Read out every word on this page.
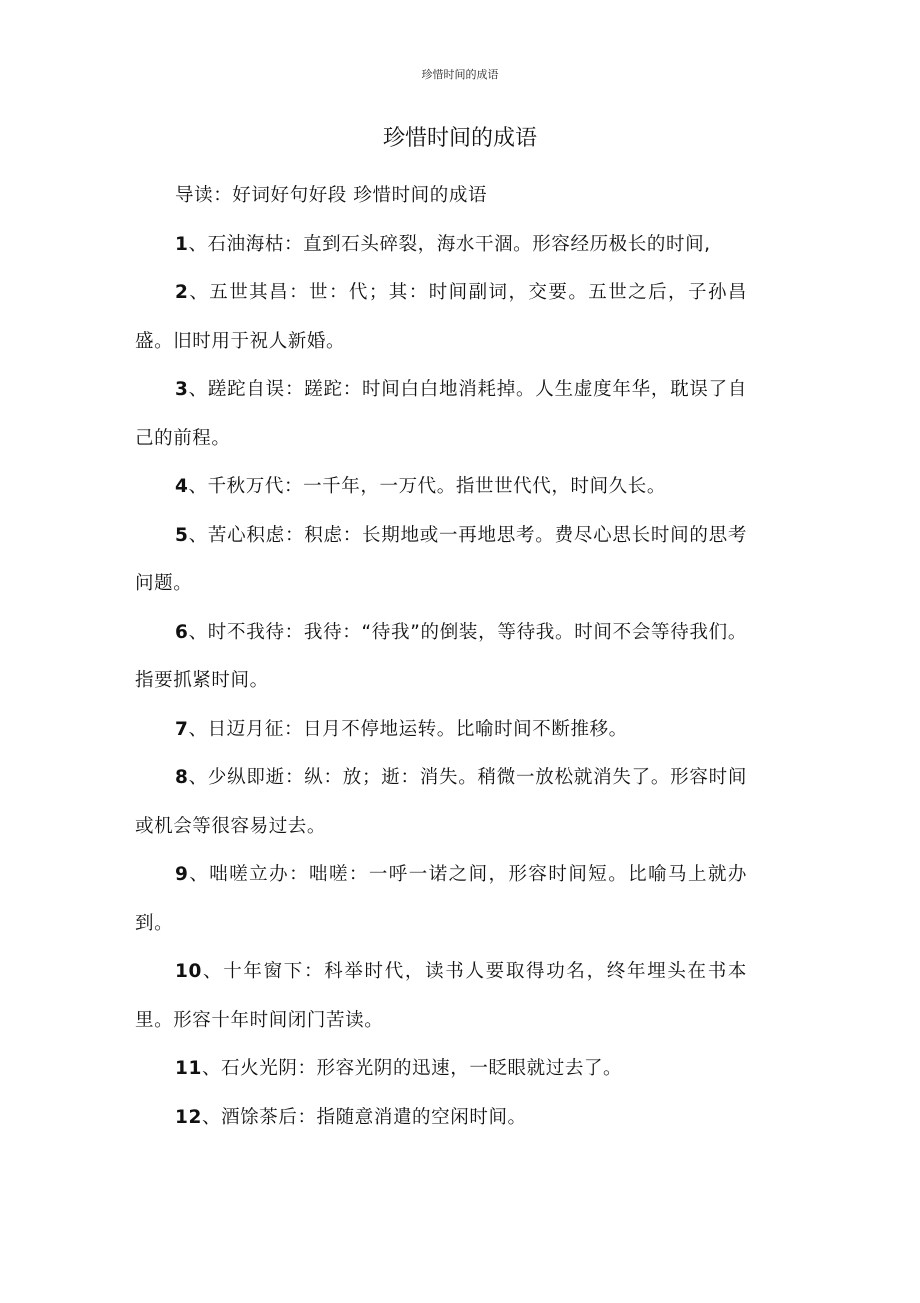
珍惜时间的成语
珍惜时间的成语

导读：好词好句好段 珍惜时间的成语

1、石油海枯：直到石头碎裂，海水干涸。形容经历极长的时间,

2、五世其昌：世：代；其：时间副词，交要。五世之后，子孙昌盛。旧时用于祝人新婚。

3、蹉跎自误：蹉跎：时间白白地消耗掉。人生虚度年华，耽误了自己的前程。

4、千秋万代：一千年，一万代。指世世代代，时间久长。

5、苦心积虑：积虑：长期地或一再地思考。费尽心思长时间的思考问题。

6、时不我待：我待：“待我”的倒装，等待我。时间不会等待我们。指要抓紧时间。

7、日迈月征：日月不停地运转。比喻时间不断推移。

8、少纵即逝：纵：放；逝：消失。稍微一放松就消失了。形容时间或机会等很容易过去。

9、咄嗟立办：咄嗟：一呼一诺之间，形容时间短。比喻马上就办到。

10、十年窗下：科举时代，读书人要取得功名，终年埋头在书本里。形容十年时间闭门苦读。

11、石火光阴：形容光阴的迅速，一眨眼就过去了。

12、酒馀茶后：指随意消遣的空闲时间。
